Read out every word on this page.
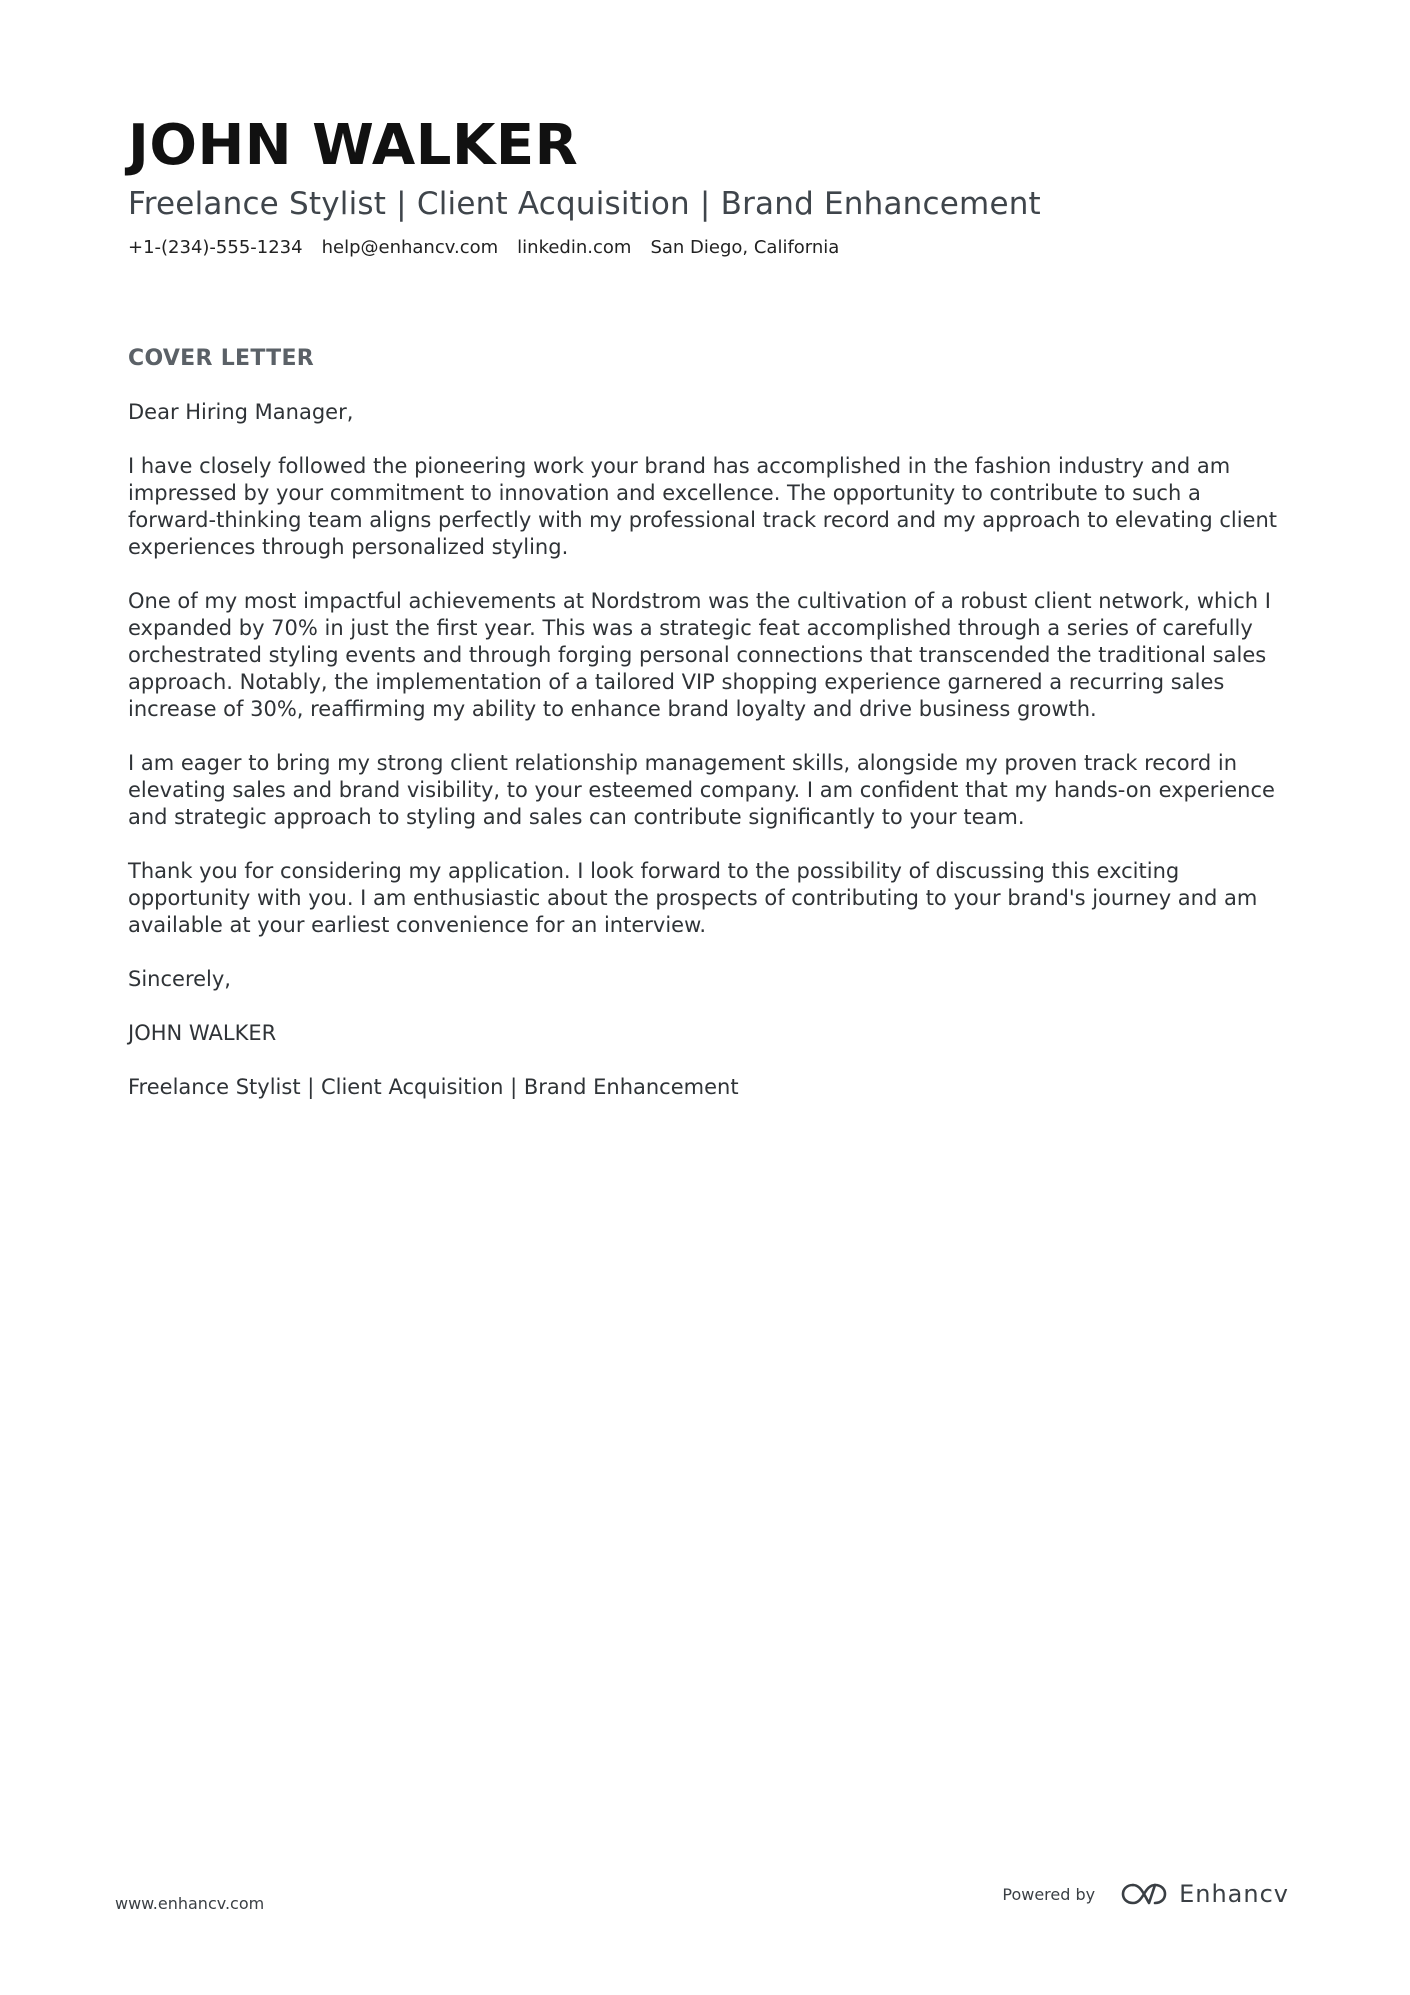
JOHN WALKER
Freelance Stylist | Client Acquisition | Brand Enhancement
+1-(234)-555-1234 help@enhancv.com linkedin.com San Diego, California
COVER LETTER

Dear Hiring Manager,

I have closely followed the pioneering work your brand has accomplished in the fashion industry and am impressed by your commitment to innovation and excellence. The opportunity to contribute to such a forward-thinking team aligns perfectly with my professional track record and my approach to elevating client experiences through personalized styling.

One of my most impactful achievements at Nordstrom was the cultivation of a robust client network, which I expanded by 70% in just the first year. This was a strategic feat accomplished through a series of carefully orchestrated styling events and through forging personal connections that transcended the traditional sales approach. Notably, the implementation of a tailored VIP shopping experience garnered a recurring sales increase of 30%, reaffirming my ability to enhance brand loyalty and drive business growth.

I am eager to bring my strong client relationship management skills, alongside my proven track record in elevating sales and brand visibility, to your esteemed company. I am confident that my hands-on experience and strategic approach to styling and sales can contribute significantly to your team.

Thank you for considering my application. I look forward to the possibility of discussing this exciting opportunity with you. I am enthusiastic about the prospects of contributing to your brand's journey and am available at your earliest convenience for an interview.

Sincerely,

JOHN WALKER

Freelance Stylist | Client Acquisition | Brand Enhancement

www.enhancv.com	Powered by	Enhancv
